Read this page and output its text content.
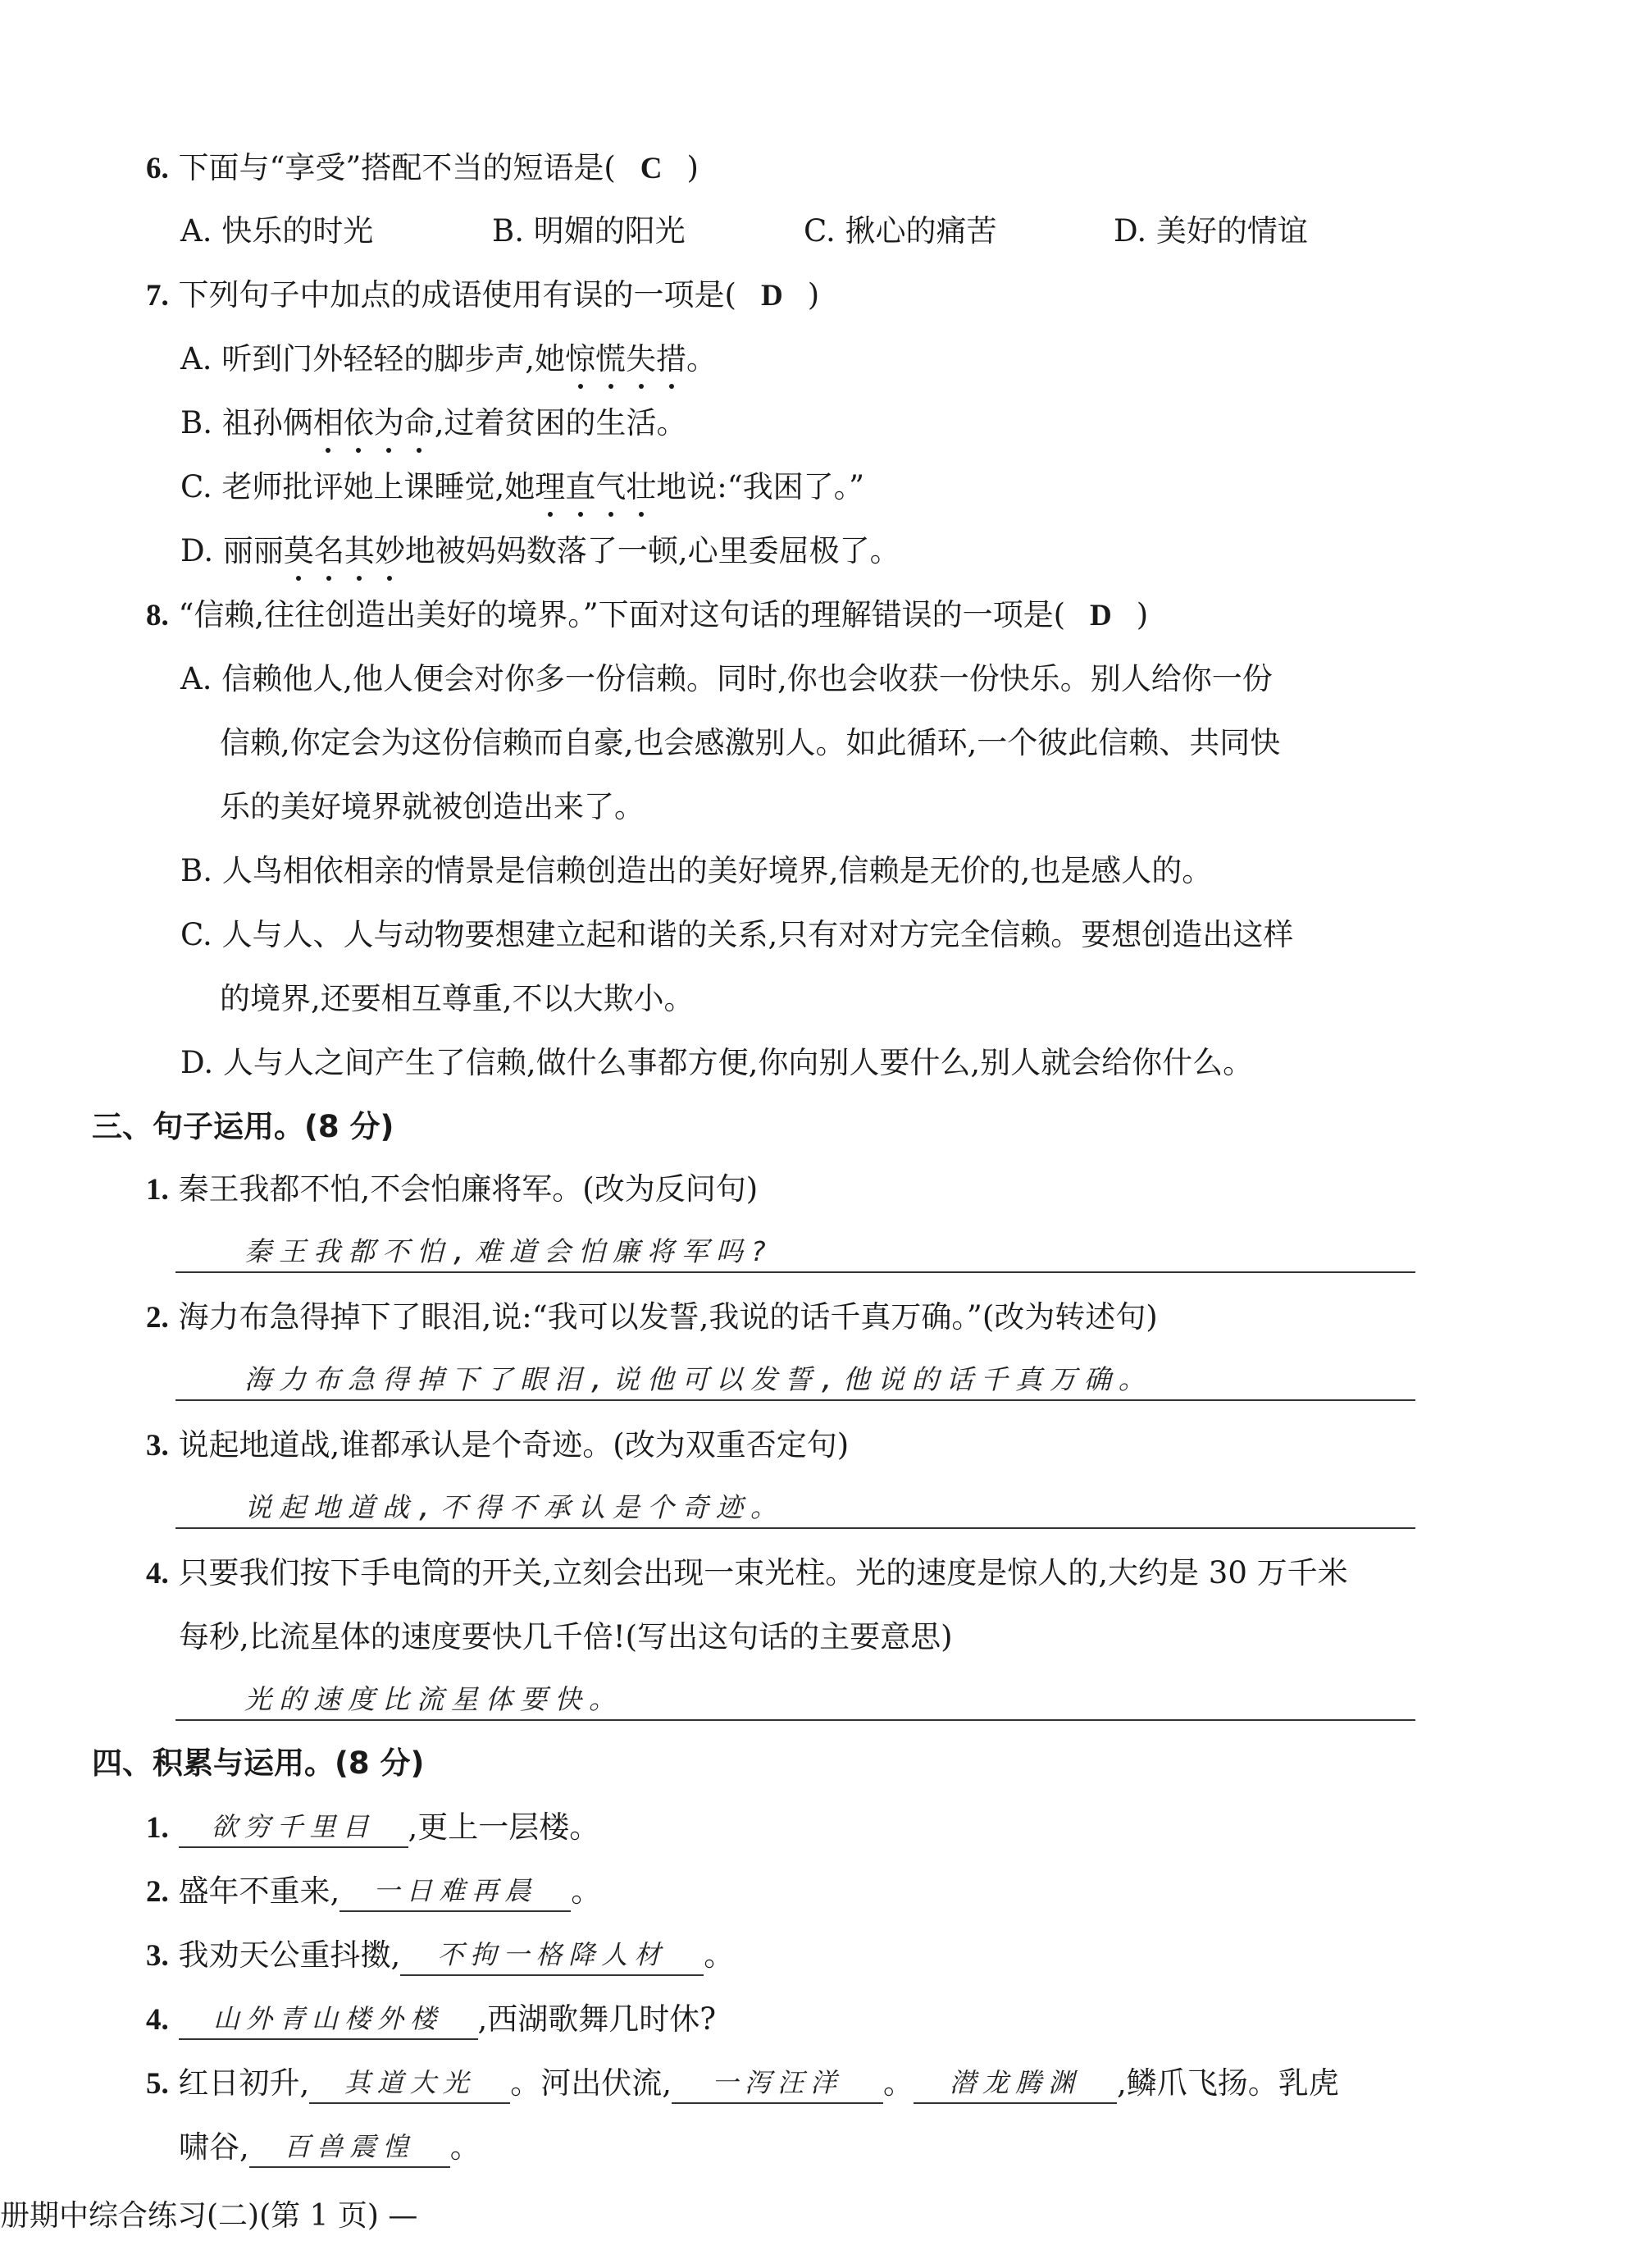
6. 下面与“享受”搭配不当的短语是( C )
A. 快乐的时光	B. 明媚的阳光	C. 揪心的痛苦	D. 美好的情谊
7. 下列句子中加点的成语使用有误的一项是( D )
A. 听到门外轻轻的脚步声,她惊慌失措。
B. 祖孙俩相依为命,过着贫困的生活。
C. 老师批评她上课睡觉,她理直气壮地说:“我困了。”
D. 丽丽莫名其妙地被妈妈数落了一顿,心里委屈极了。
8. “信赖,往往创造出美好的境界。”下面对这句话的理解错误的一项是( D )
A. 信赖他人,他人便会对你多一份信赖。同时,你也会收获一份快乐。别人给你一份
信赖,你定会为这份信赖而自豪,也会感激别人。如此循环,一个彼此信赖、共同快
乐的美好境界就被创造出来了。
B. 人鸟相依相亲的情景是信赖创造出的美好境界,信赖是无价的,也是感人的。
C. 人与人、人与动物要想建立起和谐的关系,只有对对方完全信赖。要想创造出这样
的境界,还要相互尊重,不以大欺小。
D. 人与人之间产生了信赖,做什么事都方便,你向别人要什么,别人就会给你什么。
三、句子运用。(8 分)
1. 秦王我都不怕,不会怕廉将军。(改为反问句)
秦王我都不怕,难道会怕廉将军吗?
2. 海力布急得掉下了眼泪,说:“我可以发誓,我说的话千真万确。”(改为转述句)
海力布急得掉下了眼泪,说他可以发誓,他说的话千真万确。
3. 说起地道战,谁都承认是个奇迹。(改为双重否定句)
说起地道战,不得不承认是个奇迹。
4. 只要我们按下手电筒的开关,立刻会出现一束光柱。光的速度是惊人的,大约是 30 万千米
每秒,比流星体的速度要快几千倍!(写出这句话的主要意思)
光的速度比流星体要快。
四、积累与运用。(8 分)
1. 欲穷千里目 ,更上一层楼。
2. 盛年不重来, 一日难再晨 。
3. 我劝天公重抖擞, 不拘一格降人材 。
4. 山外青山楼外楼 ,西湖歌舞几时休?
5. 红日初升, 其道大光 。河出伏流, 一泻汪洋 。 潜龙腾渊 ,鳞爪飞扬。乳虎
啸谷, 百兽震惶 。
册期中综合练习(二)(第 1 页) —
